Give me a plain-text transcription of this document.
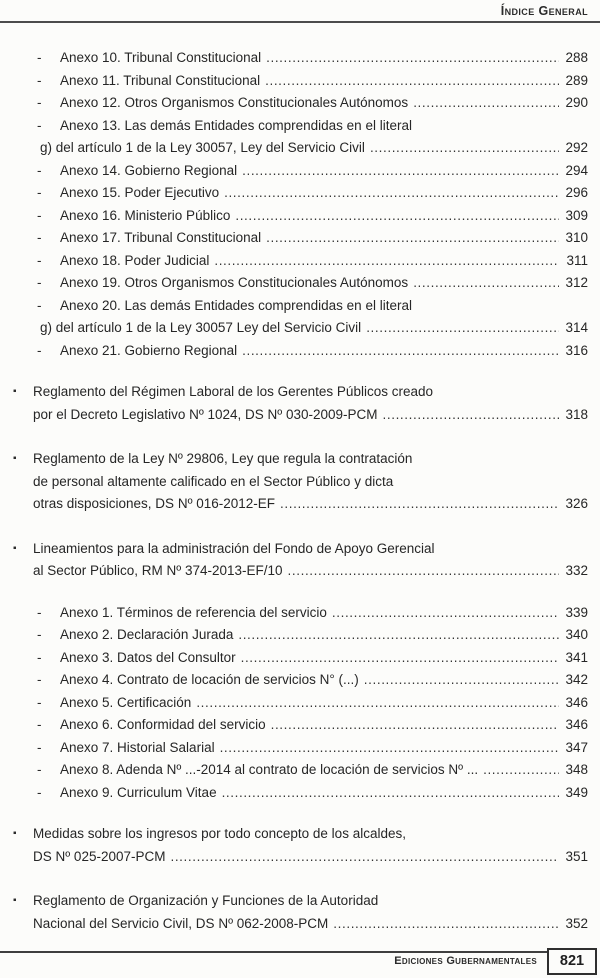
Índice General
-	Anexo 10. Tribunal Constitucional .....	288
-	Anexo 11. Tribunal Constitucional .....	289
-	Anexo 12. Otros Organismos Constitucionales Autónomos .....	290
-	Anexo 13. Las demás Entidades comprendidas en el literal
g) del artículo 1 de la Ley 30057, Ley del Servicio Civil .....	292
-	Anexo 14. Gobierno Regional .....	294
-	Anexo 15. Poder Ejecutivo .....	296
-	Anexo 16. Ministerio Público .....	309
-	Anexo 17. Tribunal Constitucional .....	310
-	Anexo 18. Poder Judicial .....	311
-	Anexo 19. Otros Organismos Constitucionales Autónomos .....	312
-	Anexo 20. Las demás Entidades comprendidas en el literal
g) del artículo 1 de la Ley 30057 Ley del Servicio Civil .....	314
-	Anexo 21. Gobierno Regional .....	316
▪	Reglamento del Régimen Laboral de los Gerentes Públicos creado
por el Decreto Legislativo Nº 1024, DS Nº 030-2009-PCM .....	318
▪	Reglamento de la Ley Nº 29806, Ley que regula la contratación
de personal altamente calificado en el Sector Público y dicta
otras disposiciones, DS Nº 016-2012-EF .....	326
▪	Lineamientos para la administración del Fondo de Apoyo Gerencial
al Sector Público, RM Nº 374-2013-EF/10 .....	332
-	Anexo 1. Términos de referencia del servicio .....	339
-	Anexo 2. Declaración Jurada .....	340
-	Anexo 3. Datos del Consultor .....	341
-	Anexo 4. Contrato de locación de servicios N° (...) .....	342
-	Anexo 5. Certificación .....	346
-	Anexo 6. Conformidad del servicio .....	346
-	Anexo 7. Historial Salarial .....	347
-	Anexo 8. Adenda Nº ...-2014 al contrato de locación de servicios Nº ... .....	348
-	Anexo 9. Curriculum Vitae .....	349
▪	Medidas sobre los ingresos por todo concepto de los alcaldes,
DS Nº 025-2007-PCM .....	351
▪	Reglamento de Organización y Funciones de la Autoridad
Nacional del Servicio Civil, DS Nº 062-2008-PCM .....	352
Ediciones Gubernamentales	821
